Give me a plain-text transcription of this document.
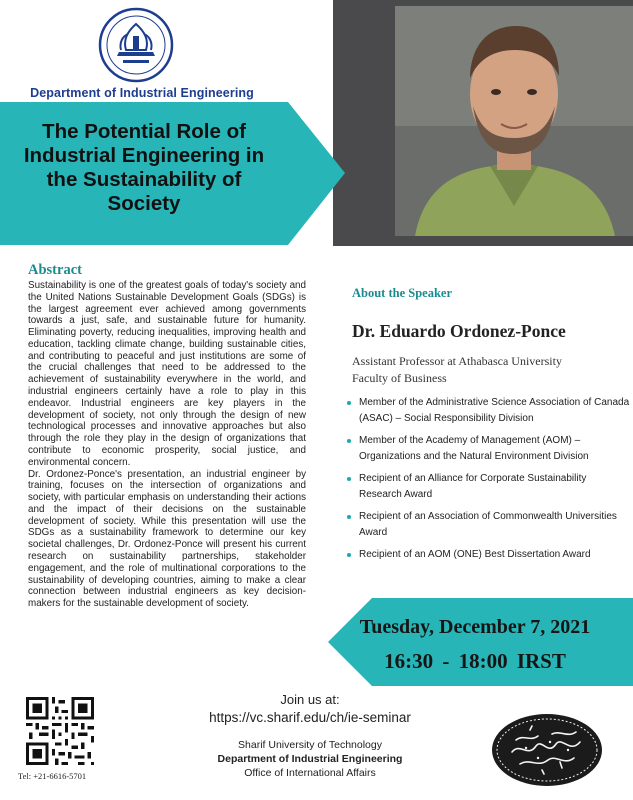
Department of Industrial Engineering
The Potential Role of Industrial Engineering in the Sustainability of Society
Abstract

Sustainability is one of the greatest goals of today's society and the United Nations Sustainable Development Goals (SDGs) is the largest agreement ever achieved among governments towards a just, safe, and sustainable future for humanity. Eliminating poverty, reducing inequalities, improving health and education, tackling climate change, building sustainable cities, and contributing to peaceful and just institutions are some of the crucial challenges that need to be addressed to the achievement of sustainability everywhere in the world, and industrial engineers certainly have a role to play in this endeavor. Industrial engineers are key players in the development of society, not only through the design of new technological processes and innovative approaches but also through the role they play in the design of organizations that contribute to economic prosperity, social justice, and environmental concern.

Dr. Ordonez-Ponce's presentation, an industrial engineer by training, focuses on the intersection of organizations and society, with particular emphasis on understanding their actions and the impact of their decisions on the sustainable development of society. While this presentation will use the SDGs as a sustainability framework to determine our key societal challenges, Dr. Ordonez-Ponce will present his current research on sustainability partnerships, stakeholder engagement, and the role of multinational corporations to the sustainability of developing countries, aiming to make a clear connection between industrial engineers as key decision-makers for the sustainable development of society.

About the Speaker
Dr. Eduardo Ordonez-Ponce
Assistant Professor at Athabasca University
Faculty of Business
Member of the Administrative Science Association of Canada (ASAC) – Social Responsibility Division
Member of the Academy of Management (AOM) – Organizations and the Natural Environment Division
Recipient of an Alliance for Corporate Sustainability Research Award
Recipient of an Association of Commonwealth Universities Award
Recipient of an AOM (ONE) Best Dissertation Award
Tuesday, December 7, 2021
16:30 - 18:00 IRST
Tel: +21-6616-5701
Join us at:
https://vc.sharif.edu/ch/ie-seminar
Sharif University of Technology
Department of Industrial Engineering
Office of International Affairs
